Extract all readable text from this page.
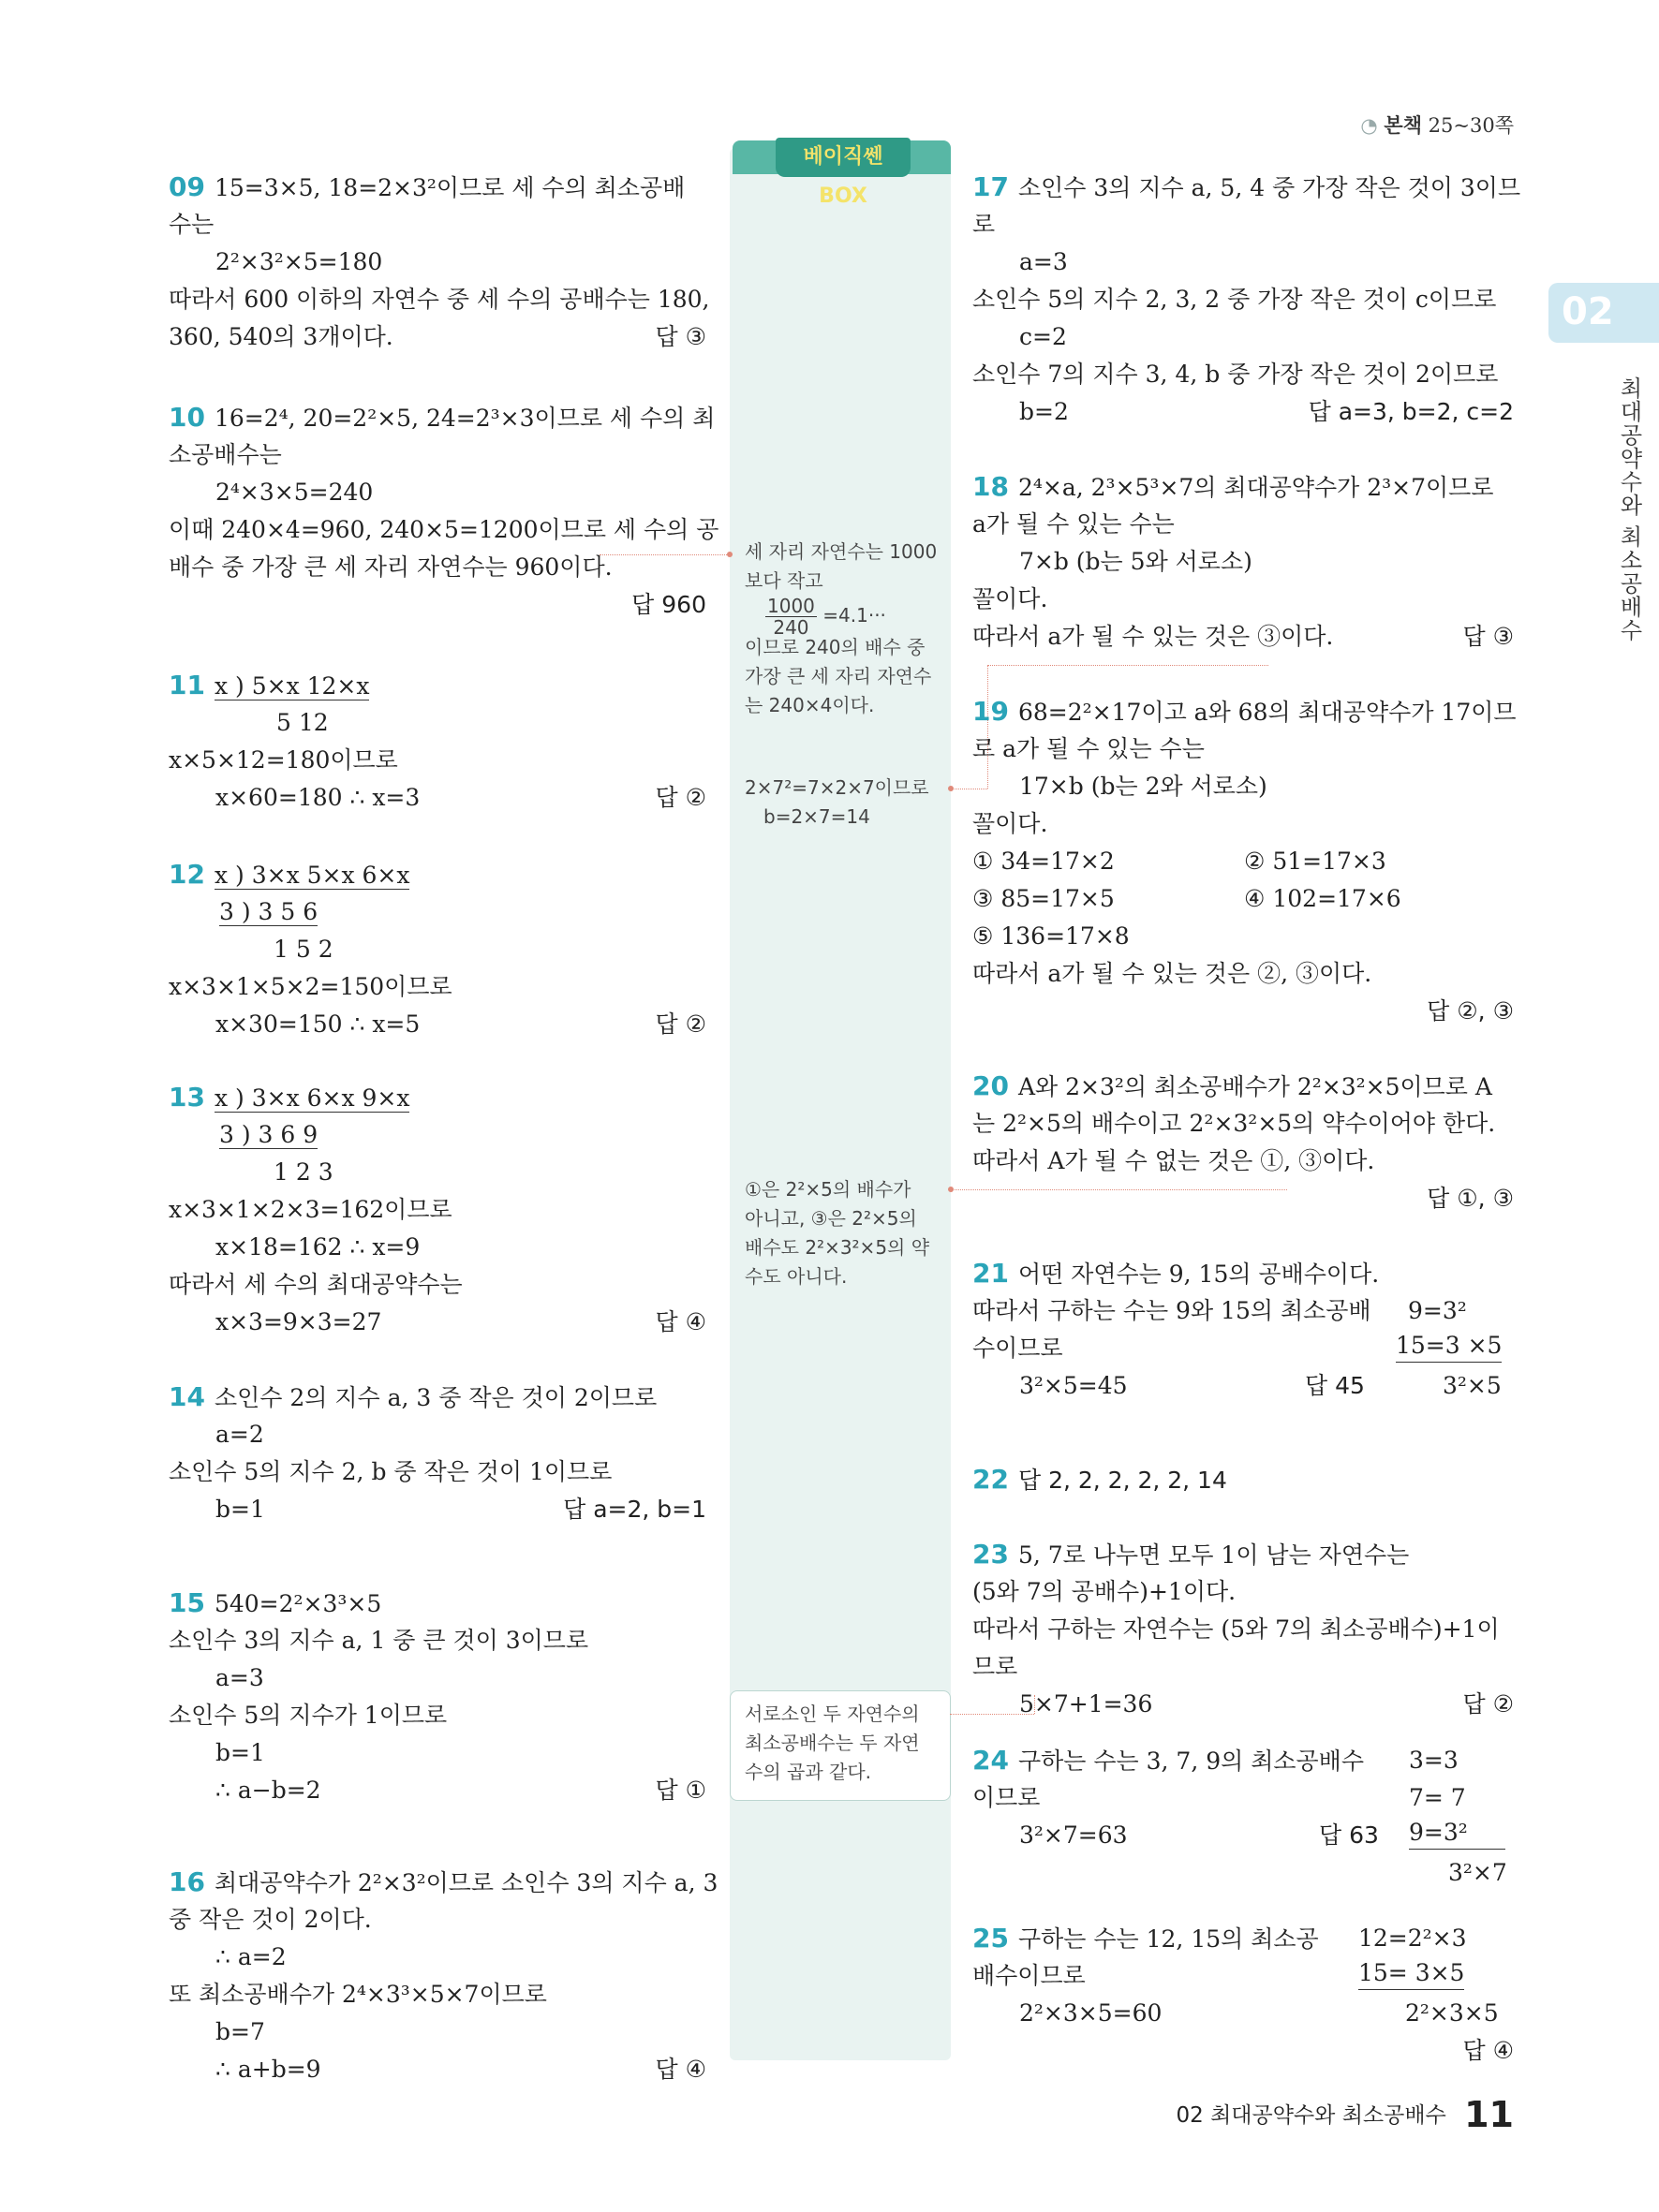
◔ 본책 25~30쪽
02
최대공약수와 최소공배수
베이직쎈 BOX
세 자리 자연수는 1000
보다 작고
$\frac{1000}{240} =4.1\cdot\cdot\cdot$
이므로 240의 배수 중
가장 큰 세 자리 자연수
는 240×4이다.
2×7²=7×2×7이므로
b=2×7=14
①은 2²×5의 배수가
아니고, ③은 2²×5의
배수도 2²×3²×5의 약
수도 아니다.
서로소인 두 자연수의
최소공배수는 두 자연
수의 곱과 같다.
09 15=3×5, 18=2×3²이므로 세 수의 최소공배
수는
2²×3²×5=180
따라서 600 이하의 자연수 중 세 수의 공배수는 180,
360, 540의 3개이다.	답 ③
10 16=2⁴, 20=2²×5, 24=2³×3이므로 세 수의 최
소공배수는
2⁴×3×5=240
이때 240×4=960, 240×5=1200이므로 세 수의 공
배수 중 가장 큰 세 자리 자연수는 960이다.
답 960
11 x ) 5×x 12×x
5 12
x×5×12=180이므로
x×60=180 ∴ x=3	답 ②
12 x ) 3×x 5×x 6×x
3 ) 3 5 6
1 5 2
x×3×1×5×2=150이므로
x×30=150 ∴ x=5	답 ②
13 x ) 3×x 6×x 9×x
3 ) 3 6 9
1 2 3
x×3×1×2×3=162이므로
x×18=162 ∴ x=9
따라서 세 수의 최대공약수는
x×3=9×3=27	답 ④
14 소인수 2의 지수 a, 3 중 작은 것이 2이므로
a=2
소인수 5의 지수 2, b 중 작은 것이 1이므로
b=1	답 a=2, b=1
15 540=2²×3³×5
소인수 3의 지수 a, 1 중 큰 것이 3이므로
a=3
소인수 5의 지수가 1이므로
b=1
∴ a−b=2	답 ①
16 최대공약수가 2²×3²이므로 소인수 3의 지수 a, 3
중 작은 것이 2이다.
∴ a=2
또 최소공배수가 2⁴×3³×5×7이므로
b=7
∴ a+b=9	답 ④
17 소인수 3의 지수 a, 5, 4 중 가장 작은 것이 3이므
로
a=3
소인수 5의 지수 2, 3, 2 중 가장 작은 것이 c이므로
c=2
소인수 7의 지수 3, 4, b 중 가장 작은 것이 2이므로
b=2	답 a=3, b=2, c=2
18 2⁴×a, 2³×5³×7의 최대공약수가 2³×7이므로
a가 될 수 있는 수는
7×b (b는 5와 서로소)
꼴이다.
따라서 a가 될 수 있는 것은 ③이다.	답 ③
19 68=2²×17이고 a와 68의 최대공약수가 17이므
로 a가 될 수 있는 수는
17×b (b는 2와 서로소)
꼴이다.
① 34=17×2	② 51=17×3
③ 85=17×5	④ 102=17×6
⑤ 136=17×8
따라서 a가 될 수 있는 것은 ②, ③이다.
답 ②, ③
20 A와 2×3²의 최소공배수가 2²×3²×5이므로 A
는 2²×5의 배수이고 2²×3²×5의 약수이어야 한다.
따라서 A가 될 수 없는 것은 ①, ③이다.
답 ①, ③
21 어떤 자연수는 9, 15의 공배수이다.
따라서 구하는 수는 9와 15의 최소공배 9=3²
수이므로	15=3 ×5
3²×5=45	답 45	3²×5
22 답 2, 2, 2, 2, 2, 14
23 5, 7로 나누면 모두 1이 남는 자연수는
(5와 7의 공배수)+1이다.
따라서 구하는 자연수는 (5와 7의 최소공배수)+1이
므로
5×7+1=36	답 ②
24 구하는 수는 3, 7, 9의 최소공배수 3=3
이므로	7= 7
3²×7=63	답 63 9=3²
3²×7
25 구하는 수는 12, 15의 최소공 12=2²×3
배수이므로	15= 3×5
2²×3×5=60	2²×3×5
답 ④
02 최대공약수와 최소공배수 11
